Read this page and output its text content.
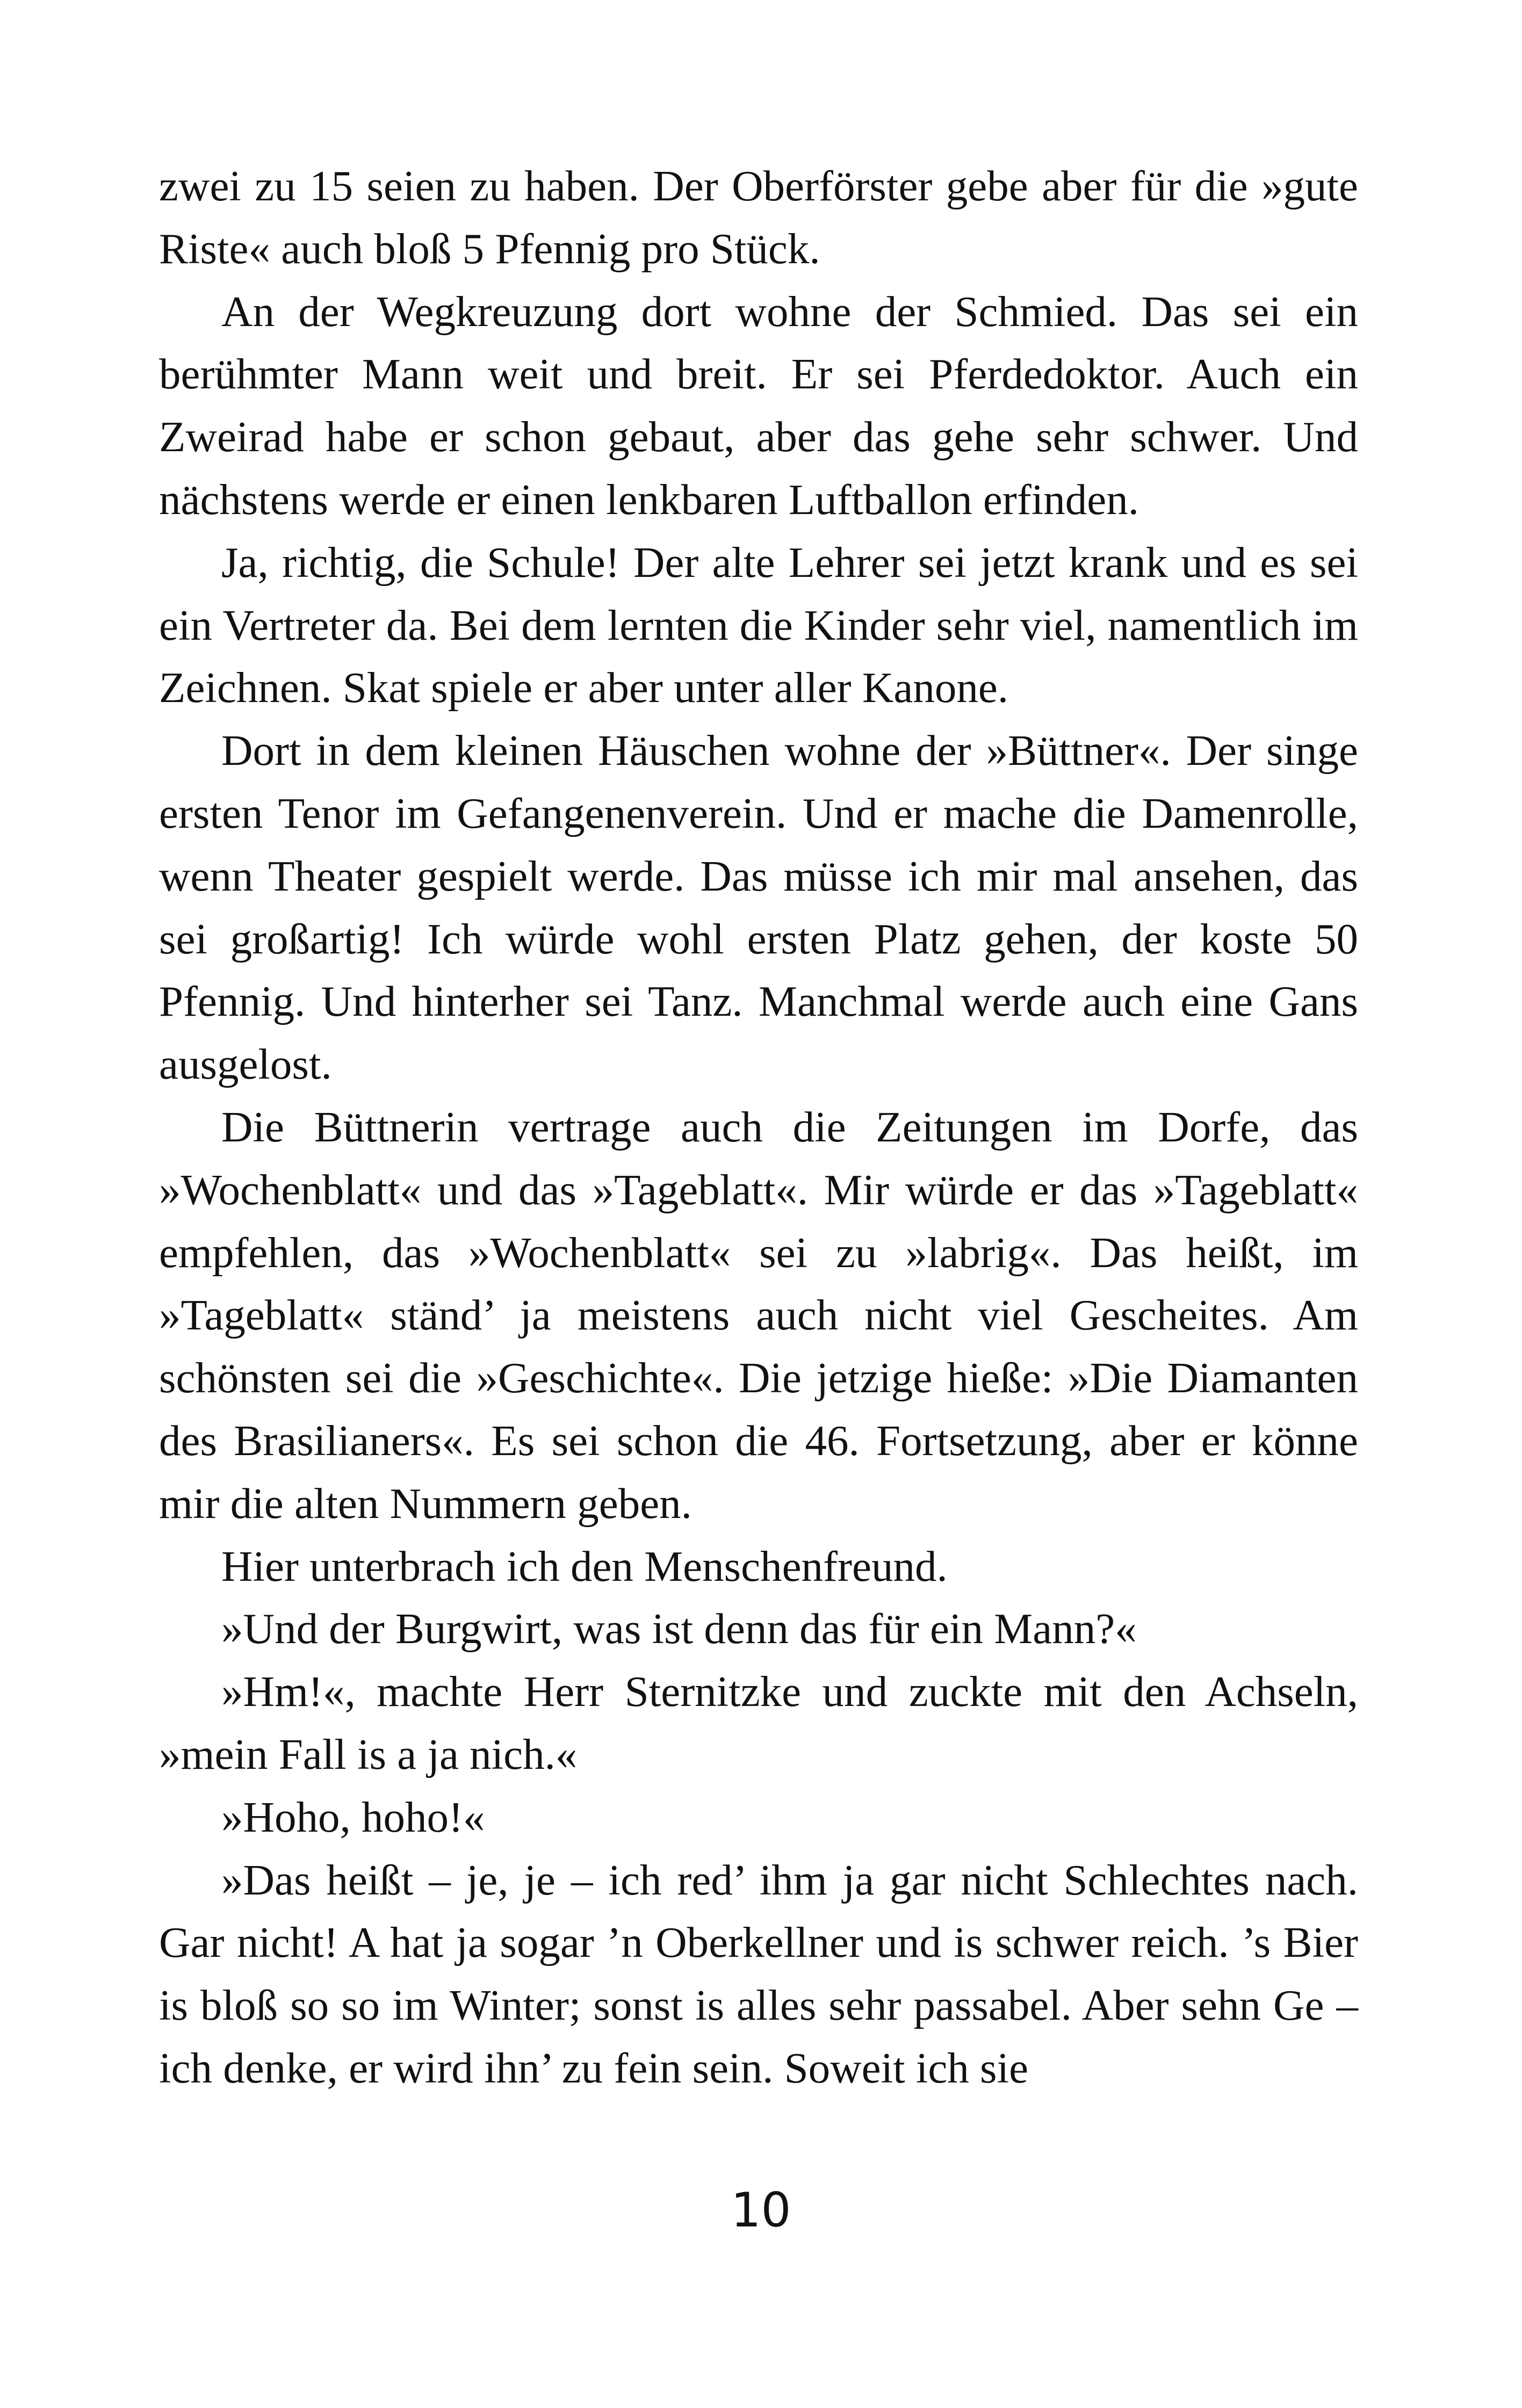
zwei zu 15 seien zu haben. Der Oberförster gebe aber für die »gute Riste« auch bloß 5 Pfennig pro Stück.

An der Wegkreuzung dort wohne der Schmied. Das sei ein berühmter Mann weit und breit. Er sei Pferdedoktor. Auch ein Zweirad habe er schon gebaut, aber das gehe sehr schwer. Und nächstens werde er einen lenkbaren Luftballon erfinden.

Ja, richtig, die Schule! Der alte Lehrer sei jetzt krank und es sei ein Vertreter da. Bei dem lernten die Kinder sehr viel, namentlich im Zeichnen. Skat spiele er aber unter aller Kanone.

Dort in dem kleinen Häuschen wohne der »Büttner«. Der singe ersten Tenor im Gefangenenverein. Und er mache die Damenrolle, wenn Theater gespielt werde. Das müsse ich mir mal ansehen, das sei großartig! Ich würde wohl ersten Platz gehen, der koste 50 Pfennig. Und hinterher sei Tanz. Manchmal werde auch eine Gans ausgelost.

Die Büttnerin vertrage auch die Zeitungen im Dorfe, das »Wochenblatt« und das »Tageblatt«. Mir würde er das »Tageblatt« empfehlen, das »Wochenblatt« sei zu »labrig«. Das heißt, im »Tageblatt« ständ’ ja meistens auch nicht viel Gescheites. Am schönsten sei die »Geschichte«. Die jetzige hieße: »Die Diamanten des Brasilianers«. Es sei schon die 46. Fortsetzung, aber er könne mir die alten Nummern geben.

Hier unterbrach ich den Menschenfreund.

»Und der Burgwirt, was ist denn das für ein Mann?«

»Hm!«, machte Herr Sternitzke und zuckte mit den Achseln, »mein Fall is a ja nich.«

»Hoho, hoho!«

»Das heißt – je, je – ich red’ ihm ja gar nicht Schlechtes nach. Gar nicht! A hat ja sogar ’n Oberkellner und is schwer reich. ’s Bier is bloß so so im Winter; sonst is alles sehr passabel. Aber sehn Ge – ich denke, er wird ihn’ zu fein sein. Soweit ich sie

10
